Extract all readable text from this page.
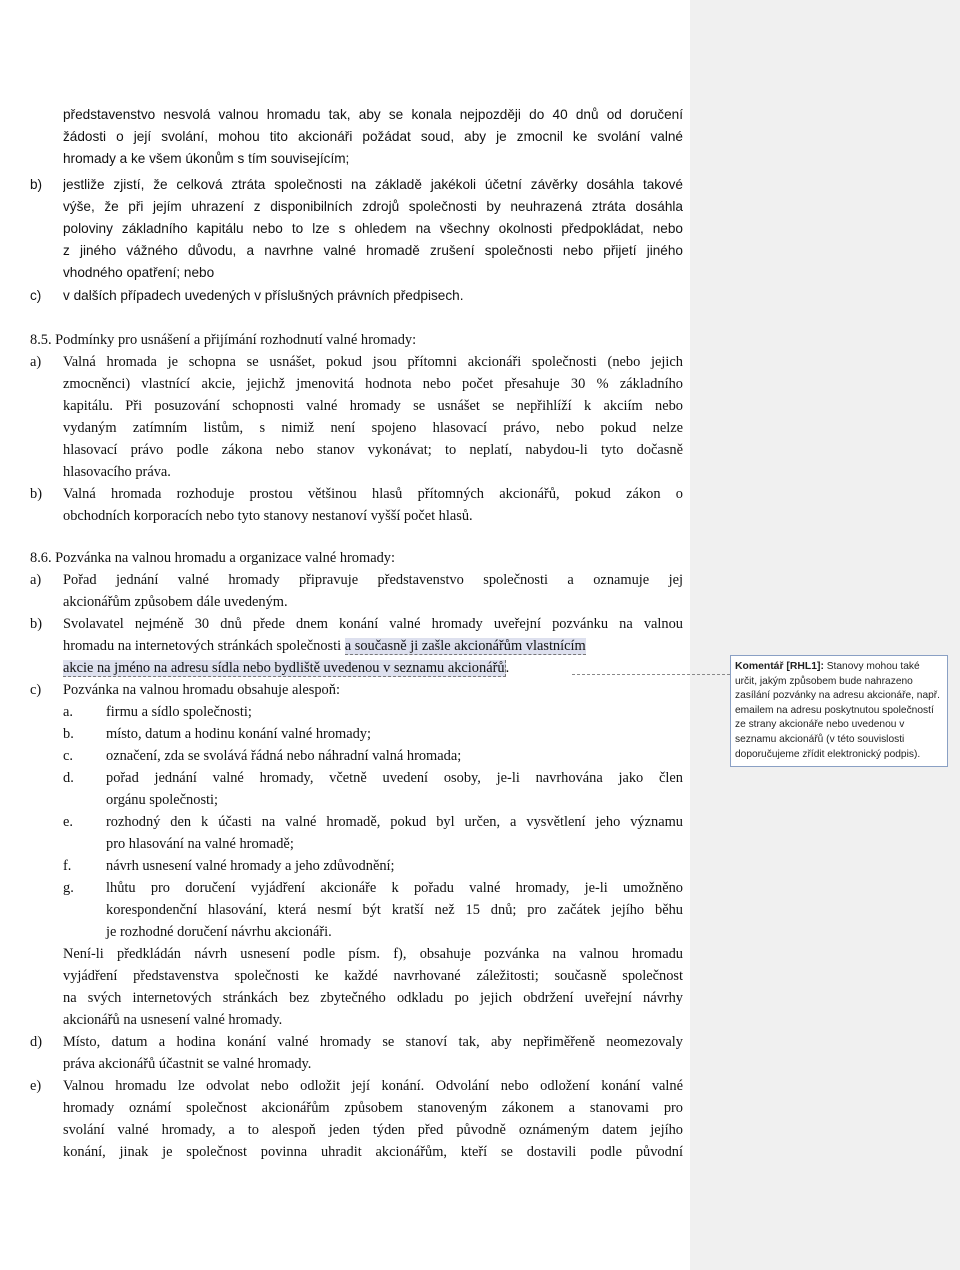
představenstvo nesvolá valnou hromadu tak, aby se konala nejpozději do 40 dnů od doručení
žádosti o její svolání, mohou tito akcionáři požádat soud, aby je zmocnil ke svolání valné
hromady a ke všem úkonům s tím souvisejícím;
b) jestliže zjistí, že celková ztráta společnosti na základě jakékoli účetní závěrky dosáhla takové
výše, že při jejím uhrazení z disponibilních zdrojů společnosti by neuhrazená ztráta dosáhla
poloviny základního kapitálu nebo to lze s ohledem na všechny okolnosti předpokládat, nebo
z jiného vážného důvodu, a navrhne valné hromadě zrušení společnosti nebo přijetí jiného
vhodného opatření; nebo
c) v dalších případech uvedených v příslušných právních předpisech.
8.5. Podmínky pro usnášení a přijímání rozhodnutí valné hromady:
a) Valná hromada je schopna se usnášet, pokud jsou přítomni akcionáři společnosti (nebo jejich
zmocněnci) vlastnící akcie, jejichž jmenovitá hodnota nebo počet přesahuje 30 % základního
kapitálu. Při posuzování schopnosti valné hromady se usnášet se nepřihlíží k akciím nebo
vydaným zatímním listům, s nimiž není spojeno hlasovací právo, nebo pokud nelze
hlasovací právo podle zákona nebo stanov vykonávat; to neplatí, nabydou-li tyto dočasně
hlasovacího práva.
b) Valná hromada rozhoduje prostou většinou hlasů přítomných akcionářů, pokud zákon o
obchodních korporacích nebo tyto stanovy nestanoví vyšší počet hlasů.
8.6. Pozvánka na valnou hromadu a organizace valné hromady:
a) Pořad jednání valné hromady připravuje představenstvo společnosti a oznamuje jej
akcionářům způsobem dále uvedeným.
b) Svolavatel nejméně 30 dnů přede dnem konání valné hromady uveřejní pozvánku na valnou
hromadu na internetových stránkách společnosti a současně ji zašle akcionářům vlastnícím
akcie na jméno na adresu sídla nebo bydliště uvedenou v seznamu akcionářů.
c) Pozvánka na valnou hromadu obsahuje alespoň:
a. firmu a sídlo společnosti;
b. místo, datum a hodinu konání valné hromady;
c. označení, zda se svolává řádná nebo náhradní valná hromada;
d. pořad jednání valné hromady, včetně uvedení osoby, je-li navrhována jako člen
orgánu společnosti;
e. rozhodný den k účasti na valné hromadě, pokud byl určen, a vysvětlení jeho významu
pro hlasování na valné hromadě;
f. návrh usnesení valné hromady a jeho zdůvodnění;
g. lhůtu pro doručení vyjádření akcionáře k pořadu valné hromady, je-li umožněno
korespondenční hlasování, která nesmí být kratší než 15 dnů; pro začátek jejího běhu
je rozhodné doručení návrhu akcionáři.
Není-li předkládán návrh usnesení podle písm. f), obsahuje pozvánka na valnou hromadu
vyjádření představenstva společnosti ke každé navrhované záležitosti; současně společnost
na svých internetových stránkách bez zbytečného odkladu po jejich obdržení uveřejní návrhy
akcionářů na usnesení valné hromady.
d) Místo, datum a hodina konání valné hromady se stanoví tak, aby nepřiměřeně neomezovaly
práva akcionářů účastnit se valné hromady.
e) Valnou hromadu lze odvolat nebo odložit její konání. Odvolání nebo odložení konání valné
hromady oznámí společnost akcionářům způsobem stanoveným zákonem a stanovami pro
svolání valné hromady, a to alespoň jeden týden před původně oznámeným datem jejího
konání, jinak je společnost povinna uhradit akcionářům, kteří se dostavili podle původní
Komentář [RHL1]: Stanovy mohou také určit, jakým způsobem bude nahrazeno zasílání pozvánky na adresu akcionáře, např. emailem na adresu poskytnutou společností ze strany akcionáře nebo uvedenou v seznamu akcionářů (v této souvislosti doporučujeme zřídit elektronický podpis).
